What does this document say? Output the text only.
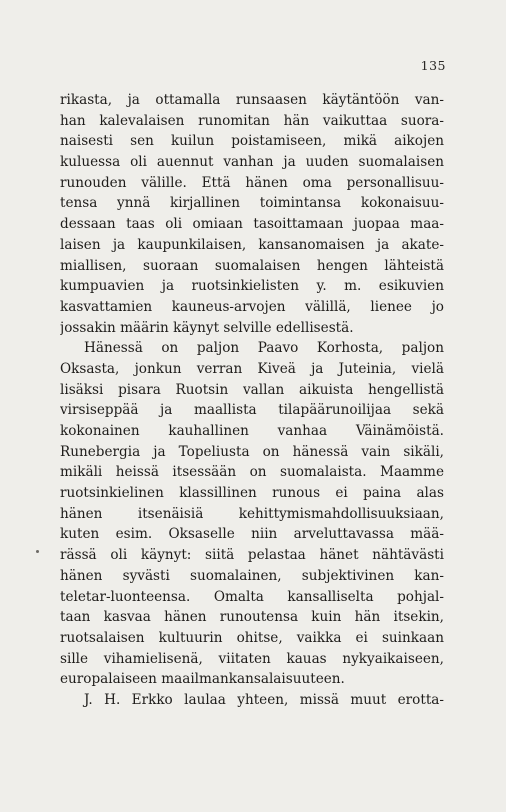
135
rikasta, ja ottamalla runsaasen käytäntöön van-
han kalevalaisen runomitan hän vaikuttaa suora-
naisesti sen kuilun poistamiseen, mikä aikojen
kuluessa oli auennut vanhan ja uuden suomalaisen
runouden välille. Että hänen oma personallisuu-
tensa ynnä kirjallinen toimintansa kokonaisuu-
dessaan taas oli omiaan tasoittamaan juopaa maa-
laisen ja kaupunkilaisen, kansanomaisen ja akate-
miallisen, suoraan suomalaisen hengen lähteistä
kumpuavien ja ruotsinkielisten y. m. esikuvien
kasvattamien kauneus-arvojen välillä, lienee jo
jossakin määrin käynyt selville edellisestä.
Hänessä on paljon Paavo Korhosta, paljon
Oksasta, jonkun verran Kiveä ja Juteinia, vielä
lisäksi pisara Ruotsin vallan aikuista hengellistä
virsiseppää ja maallista tilapäärunoilijaa sekä
kokonainen kauhallinen vanhaa Väinämöistä.
Runebergia ja Topeliusta on hänessä vain sikäli,
mikäli heissä itsessään on suomalaista. Maamme
ruotsinkielinen klassillinen runous ei paina alas
hänen itsenäisiä kehittymismahdollisuuksiaan,
kuten esim. Oksaselle niin arveluttavassa mää-
rässä oli käynyt: siitä pelastaa hänet nähtävästi
hänen syvästi suomalainen, subjektivinen kan-
teletar-luonteensa. Omalta kansalliselta pohjal-
taan kasvaa hänen runoutensa kuin hän itsekin,
ruotsalaisen kultuurin ohitse, vaikka ei suinkaan
sille vihamielisenä, viitaten kauas nykyaikaiseen,
europalaiseen maailmankansalaisuuteen.
J. H. Erkko laulaa yhteen, missä muut erotta-
